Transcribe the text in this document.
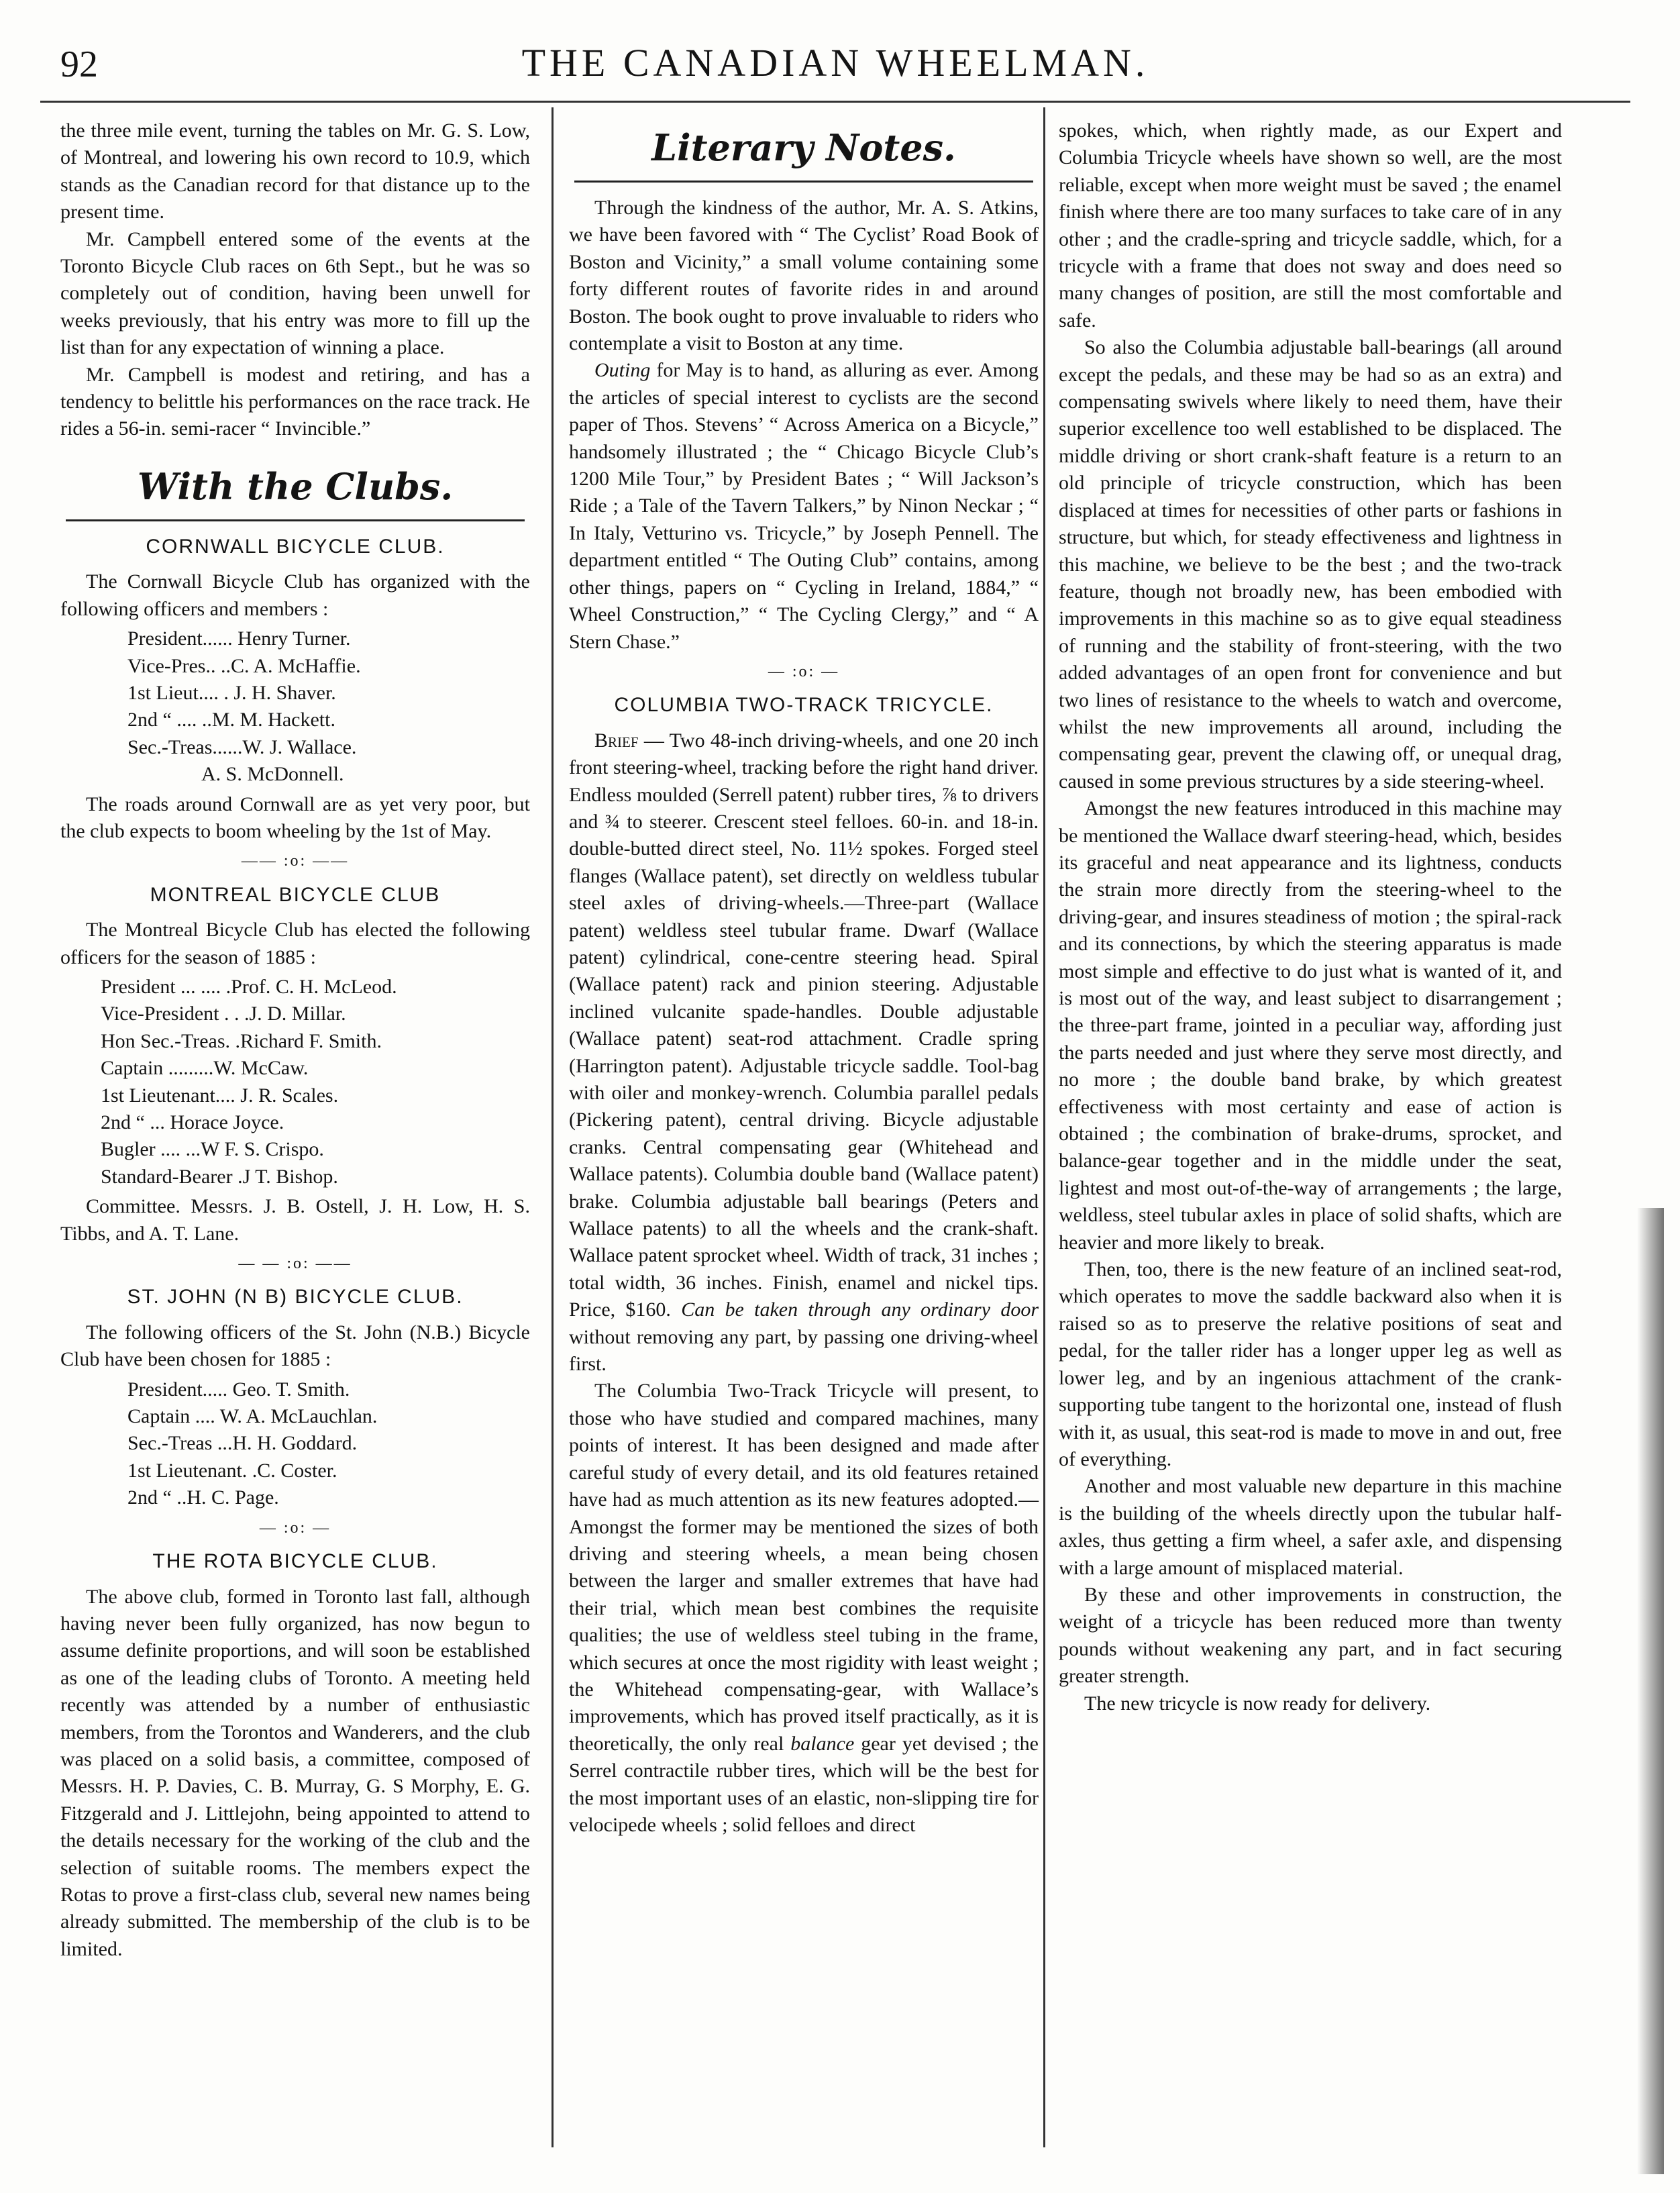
92	THE CANADIAN WHEELMAN.

the three mile event, turning the tables on Mr. G. S. Low, of Montreal, and lowering his own record to 10.9, which stands as the Canadian record for that distance up to the present time.

Mr. Campbell entered some of the events at the Toronto Bicycle Club races on 6th Sept., but he was so completely out of condition, having been unwell for weeks previously, that his entry was more to fill up the list than for any expectation of winning a place.

Mr. Campbell is modest and retiring, and has a tendency to belittle his performances on the race track. He rides a 56-in. semi-racer “ Invincible.”

With the Clubs.
CORNWALL BICYCLE CLUB.

The Cornwall Bicycle Club has organized with the following officers and members :

President...... Henry Turner.
Vice-Pres.. ..C. A. McHaffie.
1st Lieut.... . J. H. Shaver.
2nd “ .... ..M. M. Hackett.
Sec.-Treas......W. J. Wallace.
A. S. McDonnell.

The roads around Cornwall are as yet very poor, but the club expects to boom wheeling by the 1st of May.

—— :o: ——
MONTREAL BICYCLE CLUB

The Montreal Bicycle Club has elected the following officers for the season of 1885 :

President ... .... .Prof. C. H. McLeod.
Vice-President . . .J. D. Millar.
Hon Sec.-Treas. .Richard F. Smith.
Captain .........W. McCaw.
1st Lieutenant.... J. R. Scales.
2nd “ ... Horace Joyce.
Bugler .... ...W F. S. Crispo.
Standard-Bearer .J T. Bishop.

Committee. Messrs. J. B. Ostell, J. H. Low, H. S. Tibbs, and A. T. Lane.

— — :o: ——
ST. JOHN (N B) BICYCLE CLUB.

The following officers of the St. John (N.B.) Bicycle Club have been chosen for 1885 :

President..... Geo. T. Smith.
Captain .... W. A. McLauchlan.
Sec.-Treas ...H. H. Goddard.
1st Lieutenant. .C. Coster.
2nd “ ..H. C. Page.
— :o: —
THE ROTA BICYCLE CLUB.

The above club, formed in Toronto last fall, although having never been fully organized, has now begun to assume definite proportions, and will soon be established as one of the leading clubs of Toronto. A meeting held recently was attended by a number of enthusiastic members, from the Torontos and Wanderers, and the club was placed on a solid basis, a committee, composed of Messrs. H. P. Davies, C. B. Murray, G. S Morphy, E. G. Fitzgerald and J. Littlejohn, being appointed to attend to the details necessary for the working of the club and the selection of suitable rooms. The members expect the Rotas to prove a first-class club, several new names being already submitted. The membership of the club is to be limited.

Literary Notes.

Through the kindness of the author, Mr. A. S. Atkins, we have been favored with “ The Cyclist’ Road Book of Boston and Vicinity,” a small volume containing some forty different routes of favorite rides in and around Boston. The book ought to prove invaluable to riders who contemplate a visit to Boston at any time.

Outing for May is to hand, as alluring as ever. Among the articles of special interest to cyclists are the second paper of Thos. Stevens’ “ Across America on a Bicycle,” handsomely illustrated ; the “ Chicago Bicycle Club’s 1200 Mile Tour,” by President Bates ; “ Will Jackson’s Ride ; a Tale of the Tavern Talkers,” by Ninon Neckar ; “ In Italy, Vetturino vs. Tricycle,” by Joseph Pennell. The department entitled “ The Outing Club” contains, among other things, papers on “ Cycling in Ireland, 1884,” “ Wheel Construction,” “ The Cycling Clergy,” and “ A Stern Chase.”

— :o: —
COLUMBIA TWO-TRACK TRICYCLE.

Brief — Two 48-inch driving-wheels, and one 20 inch front steering-wheel, tracking before the right hand driver. Endless moulded (Serrell patent) rubber tires, ⅞ to drivers and ¾ to steerer. Crescent steel felloes. 60-in. and 18-in. double-butted direct steel, No. 11½ spokes. Forged steel flanges (Wallace patent), set directly on weldless tubular steel axles of driving-wheels.—Three-part (Wallace patent) weldless steel tubular frame. Dwarf (Wallace patent) cylindrical, cone-centre steering head. Spiral (Wallace patent) rack and pinion steering. Adjustable inclined vulcanite spade-handles. Double adjustable (Wallace patent) seat-rod attachment. Cradle spring (Harrington patent). Adjustable tricycle saddle. Tool-bag with oiler and monkey-wrench. Columbia parallel pedals (Pickering patent), central driving. Bicycle adjustable cranks. Central compensating gear (Whitehead and Wallace patents). Columbia double band (Wallace patent) brake. Columbia adjustable ball bearings (Peters and Wallace patents) to all the wheels and the crank-shaft. Wallace patent sprocket wheel. Width of track, 31 inches ; total width, 36 inches. Finish, enamel and nickel tips. Price, $160. Can be taken through any ordinary door without removing any part, by passing one driving-wheel first.

The Columbia Two-Track Tricycle will present, to those who have studied and compared machines, many points of interest. It has been designed and made after careful study of every detail, and its old features retained have had as much attention as its new features adopted.—Amongst the former may be mentioned the sizes of both driving and steering wheels, a mean being chosen between the larger and smaller extremes that have had their trial, which mean best combines the requisite qualities; the use of weldless steel tubing in the frame, which secures at once the most rigidity with least weight ; the Whitehead compensating-gear, with Wallace’s improvements, which has proved itself practically, as it is theoretically, the only real balance gear yet devised ; the Serrel contractile rubber tires, which will be the best for the most important uses of an elastic, non-slipping tire for velocipede wheels ; solid felloes and direct

spokes, which, when rightly made, as our Expert and Columbia Tricycle wheels have shown so well, are the most reliable, except when more weight must be saved ; the enamel finish where there are too many surfaces to take care of in any other ; and the cradle-spring and tricycle saddle, which, for a tricycle with a frame that does not sway and does need so many changes of position, are still the most comfortable and safe.

So also the Columbia adjustable ball-bearings (all around except the pedals, and these may be had so as an extra) and compensating swivels where likely to need them, have their superior excellence too well established to be displaced. The middle driving or short crank-shaft feature is a return to an old principle of tricycle construction, which has been displaced at times for necessities of other parts or fashions in structure, but which, for steady effectiveness and lightness in this machine, we believe to be the best ; and the two-track feature, though not broadly new, has been embodied with improvements in this machine so as to give equal steadiness of running and the stability of front-steering, with the two added advantages of an open front for convenience and but two lines of resistance to the wheels to watch and overcome, whilst the new improvements all around, including the compensating gear, prevent the clawing off, or unequal drag, caused in some previous structures by a side steering-wheel.

Amongst the new features introduced in this machine may be mentioned the Wallace dwarf steering-head, which, besides its graceful and neat appearance and its lightness, conducts the strain more directly from the steering-wheel to the driving-gear, and insures steadiness of motion ; the spiral-rack and its connections, by which the steering apparatus is made most simple and effective to do just what is wanted of it, and is most out of the way, and least subject to disarrangement ; the three-part frame, jointed in a peculiar way, affording just the parts needed and just where they serve most directly, and no more ; the double band brake, by which greatest effectiveness with most certainty and ease of action is obtained ; the combination of brake-drums, sprocket, and balance-gear together and in the middle under the seat, lightest and most out-of-the-way of arrangements ; the large, weldless, steel tubular axles in place of solid shafts, which are heavier and more likely to break.

Then, too, there is the new feature of an inclined seat-rod, which operates to move the saddle backward also when it is raised so as to preserve the relative positions of seat and pedal, for the taller rider has a longer upper leg as well as lower leg, and by an ingenious attachment of the crank-supporting tube tangent to the horizontal one, instead of flush with it, as usual, this seat-rod is made to move in and out, free of everything.

Another and most valuable new departure in this machine is the building of the wheels directly upon the tubular half-axles, thus getting a firm wheel, a safer axle, and dispensing with a large amount of misplaced material.

By these and other improvements in construction, the weight of a tricycle has been reduced more than twenty pounds without weakening any part, and in fact securing greater strength.

The new tricycle is now ready for delivery.
